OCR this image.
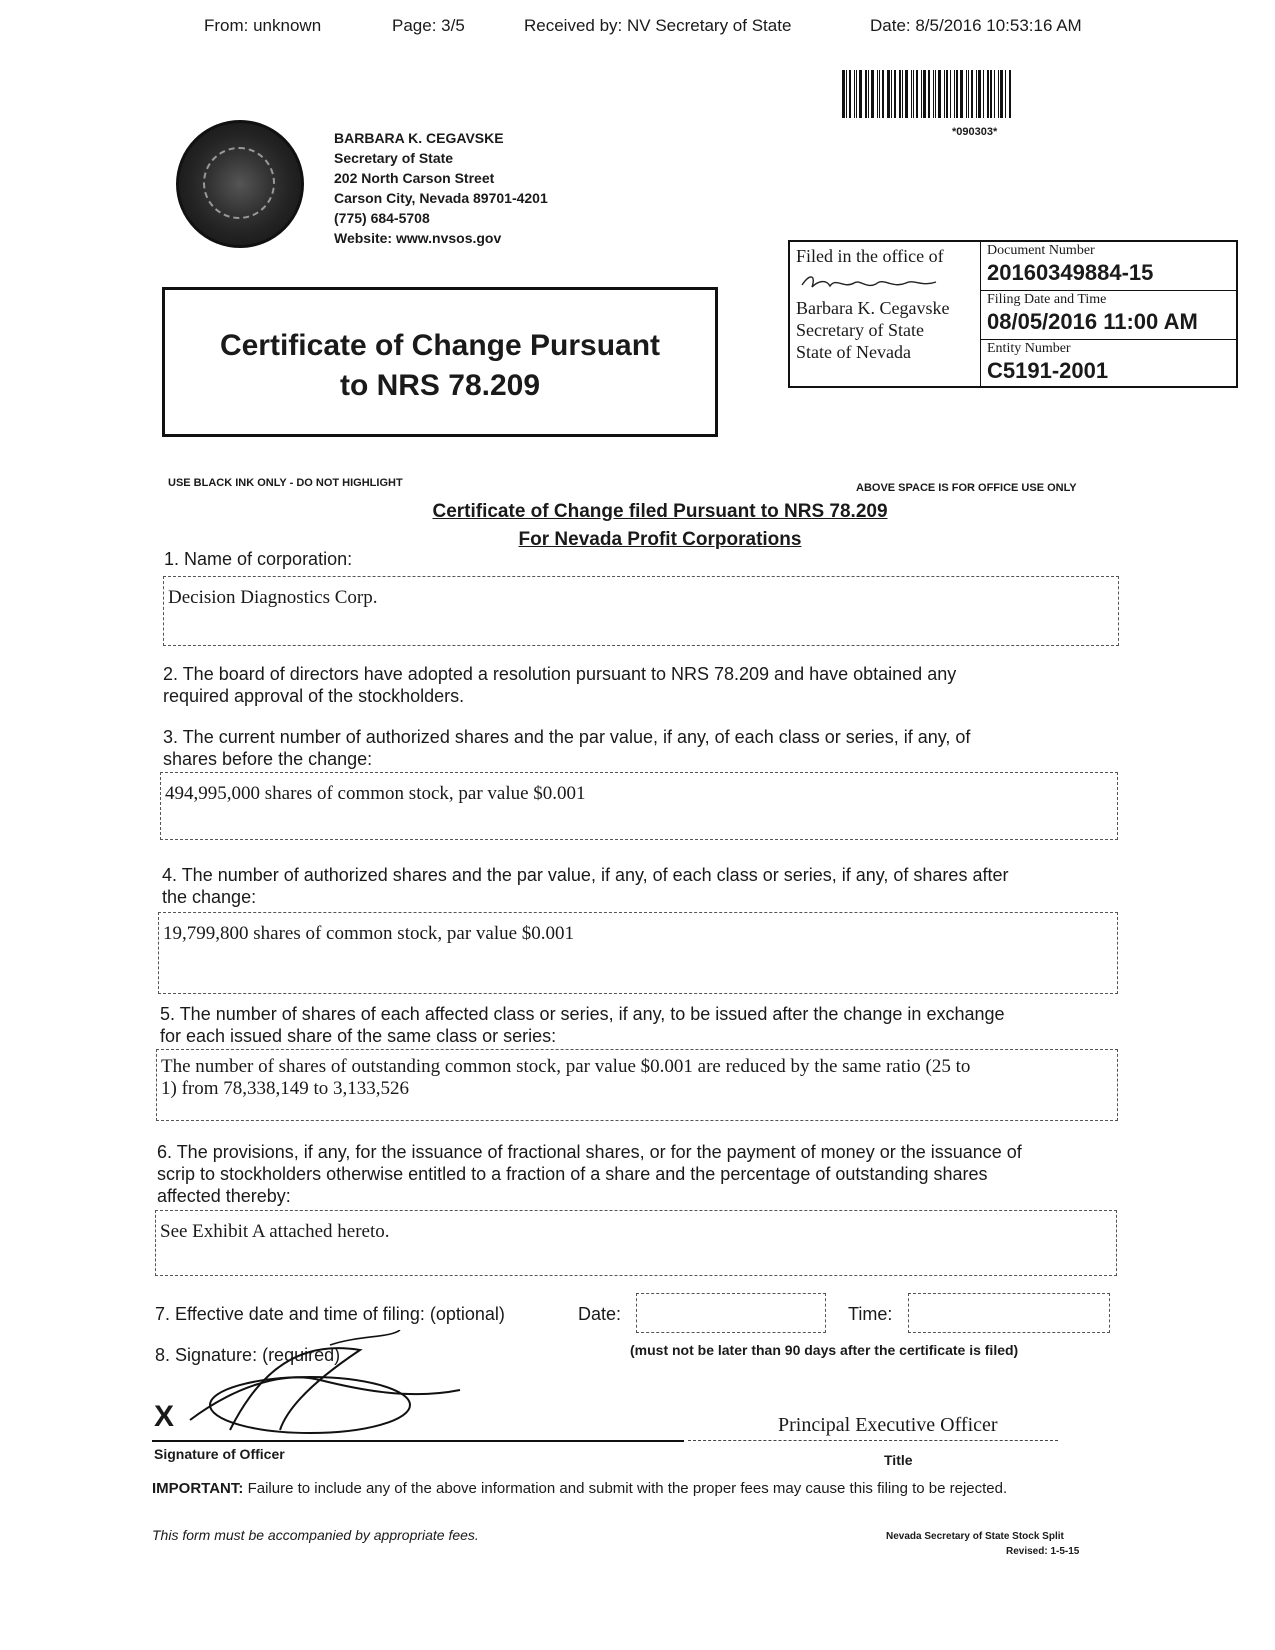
From: unknown	Page: 3/5	Received by: NV Secretary of State	Date: 8/5/2016 10:53:16 AM
*090303*
BARBARA K. CEGAVSKE
Secretary of State
202 North Carson Street
Carson City, Nevada 89701-4201
(775) 684-5708
Website: www.nvsos.gov
Filed in the office of
Barbara K. Cegavske
Secretary of State
State of Nevada
Document Number
20160349884-15
Filing Date and Time
08/05/2016 11:00 AM
Entity Number
C5191-2001
Certificate of Change Pursuant
to NRS 78.209
USE BLACK INK ONLY - DO NOT HIGHLIGHT	ABOVE SPACE IS FOR OFFICE USE ONLY
Certificate of Change filed Pursuant to NRS 78.209
For Nevada Profit Corporations
1. Name of corporation:
Decision Diagnostics Corp.
2. The board of directors have adopted a resolution pursuant to NRS 78.209 and have obtained any
required approval of the stockholders.
3. The current number of authorized shares and the par value, if any, of each class or series, if any, of
shares before the change:
494,995,000 shares of common stock, par value $0.001
4. The number of authorized shares and the par value, if any, of each class or series, if any, of shares after
the change:
19,799,800 shares of common stock, par value $0.001
5. The number of shares of each affected class or series, if any, to be issued after the change in exchange
for each issued share of the same class or series:
The number of shares of outstanding common stock, par value $0.001 are reduced by the same ratio (25 to
1) from 78,338,149 to 3,133,526
6. The provisions, if any, for the issuance of fractional shares, or for the payment of money or the issuance of
scrip to stockholders otherwise entitled to a fraction of a share and the percentage of outstanding shares
affected thereby:
See Exhibit A attached hereto.
7. Effective date and time of filing: (optional)	Date:	Time:
(must not be later than 90 days after the certificate is filed)
8. Signature: (required)
X	Principal Executive Officer
Signature of Officer	Title
IMPORTANT: Failure to include any of the above information and submit with the proper fees may cause this filing to be rejected.
This form must be accompanied by appropriate fees.	Nevada Secretary of State Stock Split
Revised: 1-5-15
